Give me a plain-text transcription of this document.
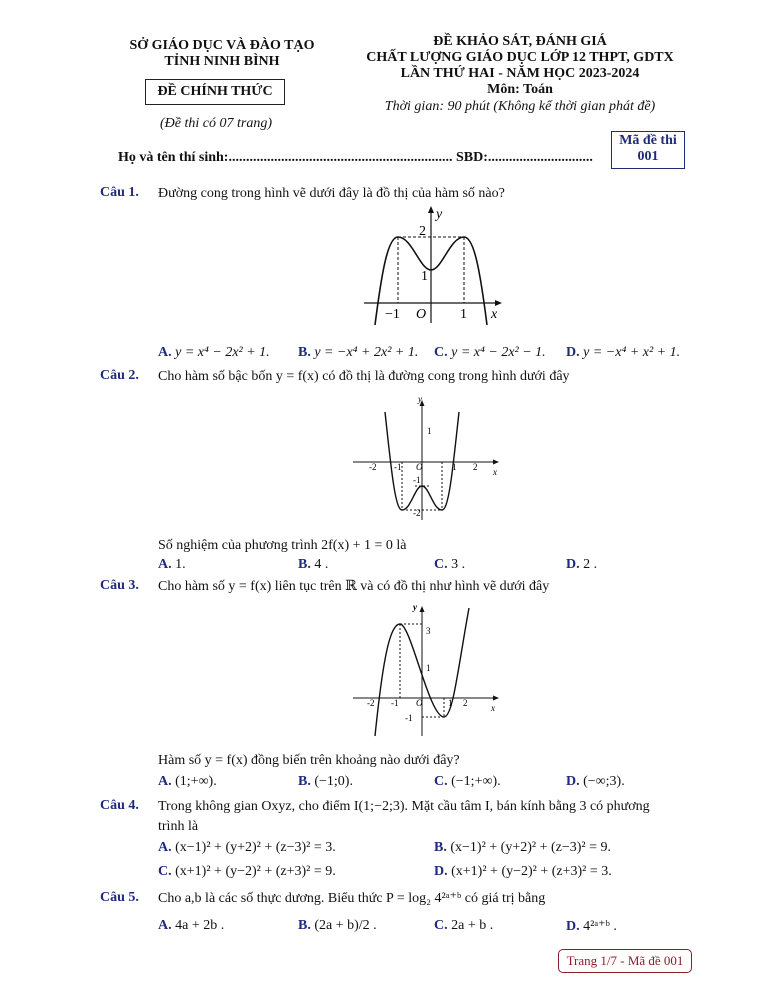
SỞ GIÁO DỤC VÀ ĐÀO TẠO
TỈNH NINH BÌNH
ĐỀ CHÍNH THỨC
(Đề thi có 07 trang)
ĐỀ KHẢO SÁT, ĐÁNH GIÁ
CHẤT LƯỢNG GIÁO DỤC LỚP 12 THPT, GDTX
LẦN THỨ HAI - NĂM HỌC 2023-2024
Môn: Toán
Thời gian: 90 phút (Không kể thời gian phát đề)
Mã đề thi
001
Họ và tên thí sinh:................................................................ SBD:..............................
Câu 1. Đường cong trong hình vẽ dưới đây là đồ thị của hàm số nào?
y
x
2
1
−1 O 1
A. y = x⁴ − 2x² + 1. B. y = −x⁴ + 2x² + 1. C. y = x⁴ − 2x² − 1. D. y = −x⁴ + x² + 1.
Câu 2. Cho hàm số bậc bốn y = f(x) có đồ thị là đường cong trong hình dưới đây
y
x
1
-2 -1 O	1 2
-1
-2
Số nghiệm của phương trình 2f(x) + 1 = 0 là
A. 1.	B. 4 .	C. 3 .	D. 2 .
Câu 3. Cho hàm số y = f(x) liên tục trên ℝ và có đồ thị như hình vẽ dưới đây
y
x
3
1
-2 -1 O	1 2
-1
Hàm số y = f(x) đồng biến trên khoảng nào dưới đây?
A. (1;+∞).	B. (−1;0).	C. (−1;+∞).	D. (−∞;3).
Câu 4. Trong không gian Oxyz, cho điểm I(1;−2;3). Mặt cầu tâm I, bán kính bằng 3 có phương
trình là
A. (x−1)² + (y+2)² + (z−3)² = 3.	B. (x−1)² + (y+2)² + (z−3)² = 9.
C. (x+1)² + (y−2)² + (z+3)² = 9.	D. (x+1)² + (y−2)² + (z+3)² = 3.
Câu 5. Cho a,b là các số thực dương. Biểu thức P = log₂ 4²ᵃ⁺ᵇ có giá trị bằng
A. 4a + 2b .	B. (2a + b)/2 .	C. 2a + b .	D. 4²ᵃ⁺ᵇ .
Trang 1/7 - Mã đề 001
